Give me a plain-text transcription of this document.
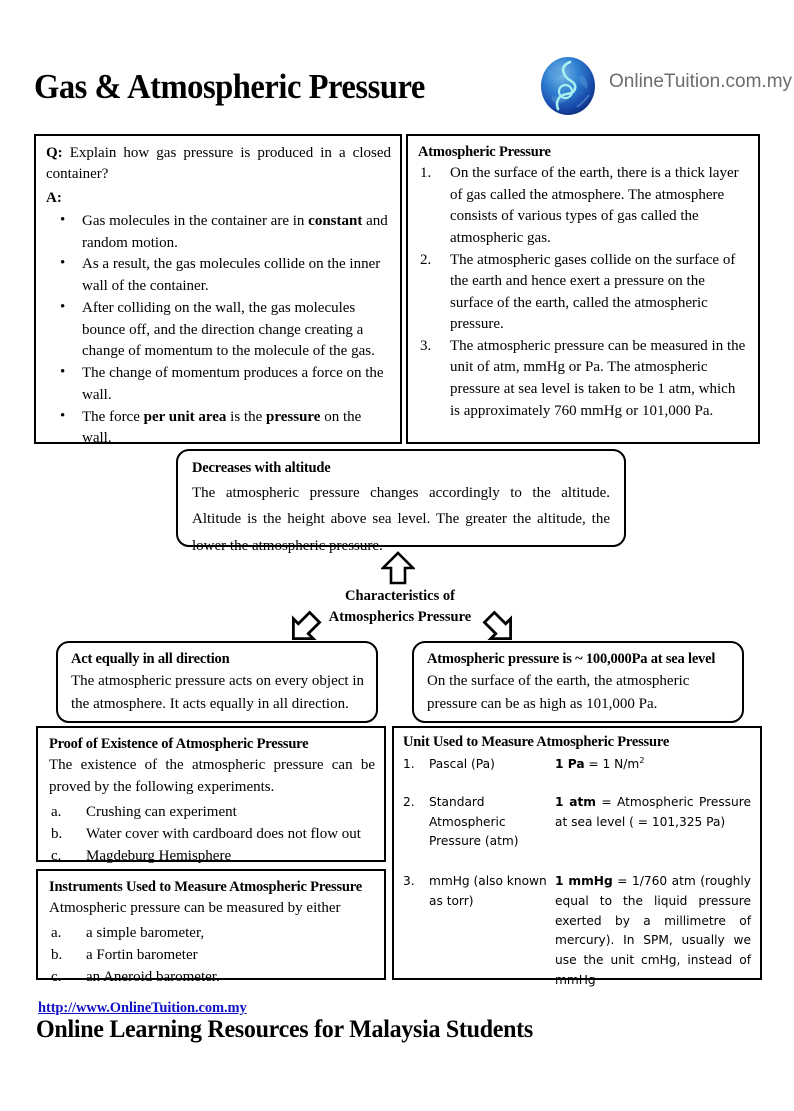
Gas & Atmospheric Pressure	OnlineTuition.com.my
Q: Explain how gas pressure is produced in a closed container?
A:
• Gas molecules in the container are in constant and random motion.
• As a result, the gas molecules collide on the inner wall of the container.
• After colliding on the wall, the gas molecules bounce off, and the direction change creating a change of momentum to the molecule of the gas.
• The change of momentum produces a force on the wall.
• The force per unit area is the pressure on the wall.
Atmospheric Pressure
On the surface of the earth, there is a thick layer of gas called the atmosphere. The atmosphere consists of various types of gas called the atmospheric gas.
The atmospheric gases collide on the surface of the earth and hence exert a pressure on the surface of the earth, called the atmospheric pressure.
The atmospheric pressure can be measured in the unit of atm, mmHg or Pa. The atmospheric pressure at sea level is taken to be 1 atm, which is approximately 760 mmHg or 101,000 Pa.
Decreases with altitude
The atmospheric pressure changes accordingly to the altitude. Altitude is the height above sea level. The greater the altitude, the lower the atmospheric pressure.
Characteristics of
Atmospherics Pressure
Act equally in all direction
The atmospheric pressure acts on every object in the atmosphere. It acts equally in all direction.
Atmospheric pressure is ~ 100,000Pa at sea level
On the surface of the earth, the atmospheric pressure can be as high as 101,000 Pa.
Proof of Existence of Atmospheric Pressure
The existence of the atmospheric pressure can be proved by the following experiments.
Crushing can experiment
Water cover with cardboard does not flow out
Magdeburg Hemisphere
Instruments Used to Measure Atmospheric Pressure
Atmospheric pressure can be measured by either
a simple barometer,
a Fortin barometer
an Aneroid barometer.
Unit Used to Measure Atmospheric Pressure
1.	Pascal (Pa)	1 Pa = 1 $N/m^2$

2.	Standard Atmospheric Pressure (atm)	1 atm = Atmospheric Pressure at sea level ( = 101,325 Pa)

3.	mmHg (also known as torr)	1 mmHg = 1/760 atm (roughly equal to the liquid pressure exerted by a millimetre of mercury). In SPM, usually we use the unit cmHg, instead of mmHg
http://www.OnlineTuition.com.my
Online Learning Resources for Malaysia Students
